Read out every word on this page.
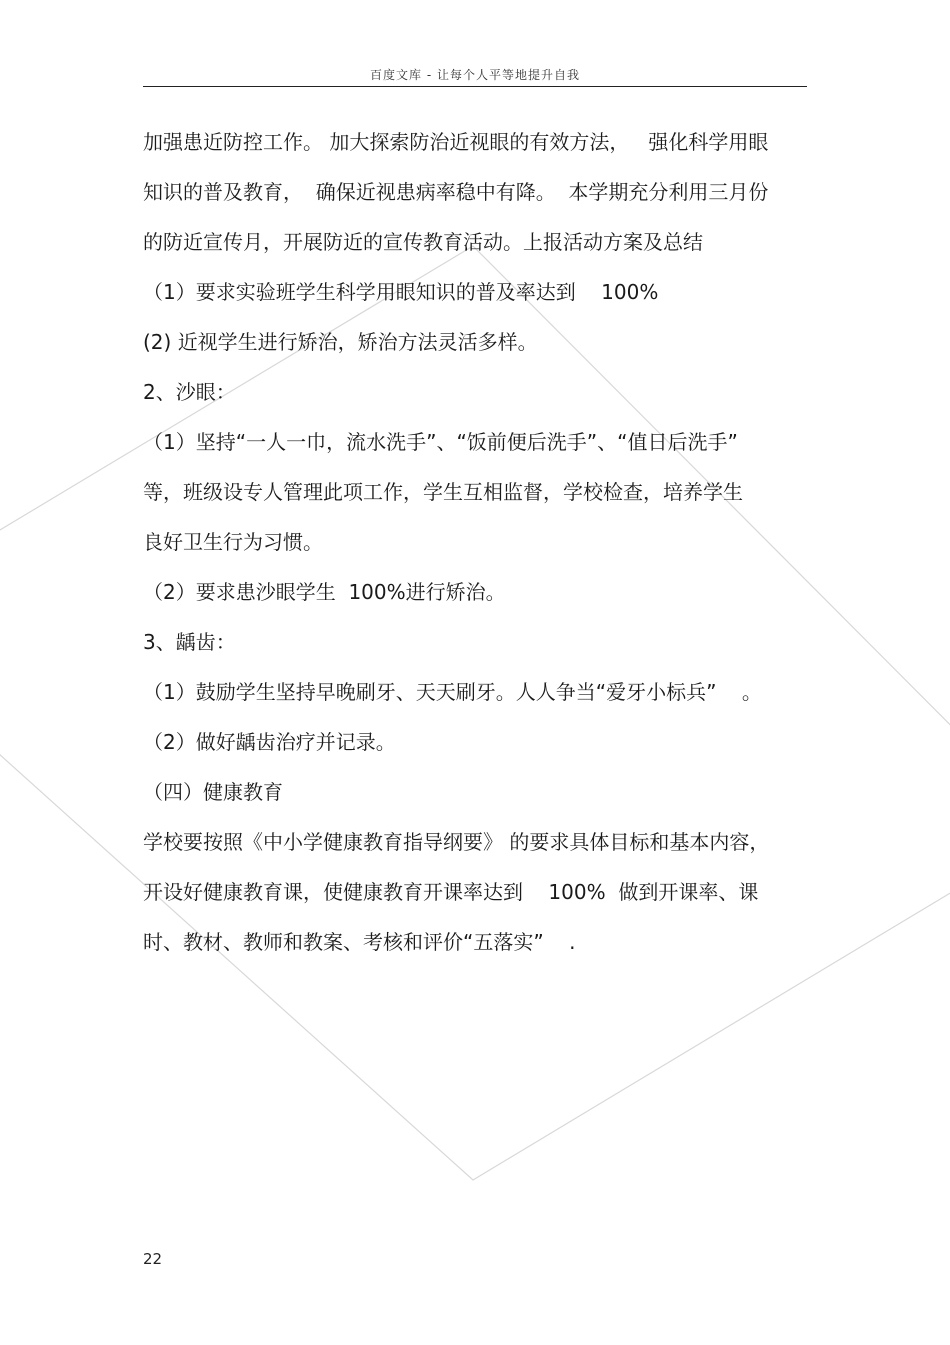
百度文库 - 让每个人平等地提升自我
加强患近防控工作。 加大探索防治近视眼的有效方法，   强化科学用眼
知识的普及教育，  确保近视患病率稳中有降。  本学期充分利用三月份
的防近宣传月，开展防近的宣传教育活动。上报活动方案及总结
（1）要求实验班学生科学用眼知识的普及率达到    100%
(2) 近视学生进行矫治，矫治方法灵活多样。
2、沙眼：
（1）坚持“一人一巾，流水洗手”、“饭前便后洗手”、“值日后洗手”
等，班级设专人管理此项工作，学生互相监督，学校检查，培养学生
良好卫生行为习惯。
（2）要求患沙眼学生  100%进行矫治。
3、龋齿：
（1）鼓励学生坚持早晚刷牙、天天刷牙。人人争当“爱牙小标兵”    。
（2）做好龋齿治疗并记录。
（四）健康教育
学校要按照《中小学健康教育指导纲要》 的要求具体目标和基本内容，
开设好健康教育课，使健康教育开课率达到    100%  做到开课率、课
时、教材、教师和教案、考核和评价“五落实”    .
22
